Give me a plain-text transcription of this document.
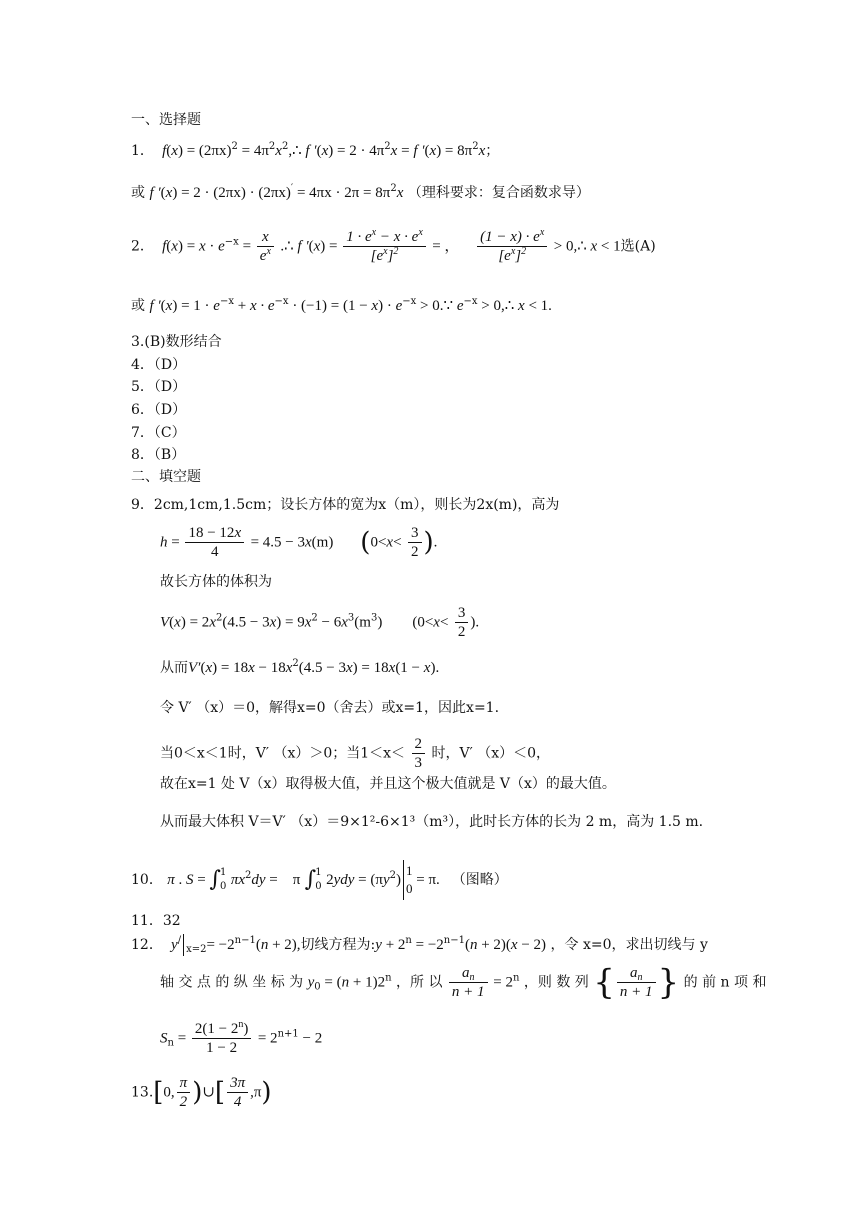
一、选择题
1．  $f(x) = (2\pi x)^2$ = $4\pi^2x^2,\therefore$ f $'(x) = 2 \cdot 4\pi^2x = f$ $'(x) = 8\pi^2x$；
或 f $'(x) = 2 \cdot (2\pi x) \cdot (2\pi x)' = 4\pi x \cdot 2\pi = 8\pi^2x$ （理科要求：复合函数求导）
2．  $f(x) = x \cdot e^{-x} = \frac{x}{e^x}$ .∴ f $'(x) = \frac{1 \cdot e^x - x \cdot e^x}{[e^x]^2}$ = ， $\frac{(1 - x) \cdot e^x}{[e^x]^2}$ > 0,∴ x < 1选(A)
或 f $'(x) = 1 \cdot e^{-x} + x \cdot e^{-x} \cdot (-1) = (1 - x) \cdot e^{-x}$ > 0.∵ $e^{-x}$ > 0,∴ x < 1.
3.(B)数形结合
4．（D）
5．（D）
6．（D）
7．（C）
8．（B）
二、填空题
9．2cm,1cm,1.5cm；设长方体的宽为x（m），则长为2x(m)，高为
$h = \frac{18 - 12x}{4} = 4.5 - 3x(m)$       ($0<x< \frac{3}{2}$ ).
故长方体的体积为
$V(x) = 2x^2(4.5 - 3x) = 9x^2 - 6x^3(m^3)$        ($0<x< \frac{3}{2}$ ).
从而$V'(x) = 18x - 18x^2(4.5 - 3x) = 18x(1 - x)$.
令 V′ （x）＝0，解得x=0（舍去）或x=1，因此x=1.
当0＜x＜1时，V′ （x）＞0；当$1<x< \frac{2}{3}$ 时，V′ （x）＜0，
故在x=1 处 V（x）取得极大值，并且这个极大值就是 V（x）的最大值。
从而最大体积 V＝V′ （x）＝9×1²-6×1³（m³），此时长方体的长为 2 m，高为 1.5 m.
10． π . S = ∫1
0 $\pi x^2dy$ =    π ∫1
0 $2ydy = (\pi y^2)1$
0 = π.   （图略）
11．32
12．  $y^/_{x=2}= -2^{n-1}(n + 2)$,切线方程为:y + $2^n = -2^{n-1}(n + 2)(x - 2)$ ，令 x=0，求出切线与 y
轴 交 点 的 纵 坐 标 为 $y_0 = (n + 1)2^n$ ，所 以 $\frac{a_n}{n + 1} = 2^n$ ，则 数 列 { $\frac{a_n}{n + 1}$ } 的 前 n 项 和
$S_n = \frac{2(1 - 2^n)}{1 - 2} = 2^{n+1} - 2$
13.[0, $\frac{\pi}{2}$ )∪[ $\frac{3\pi}{4} ,\pi$)
